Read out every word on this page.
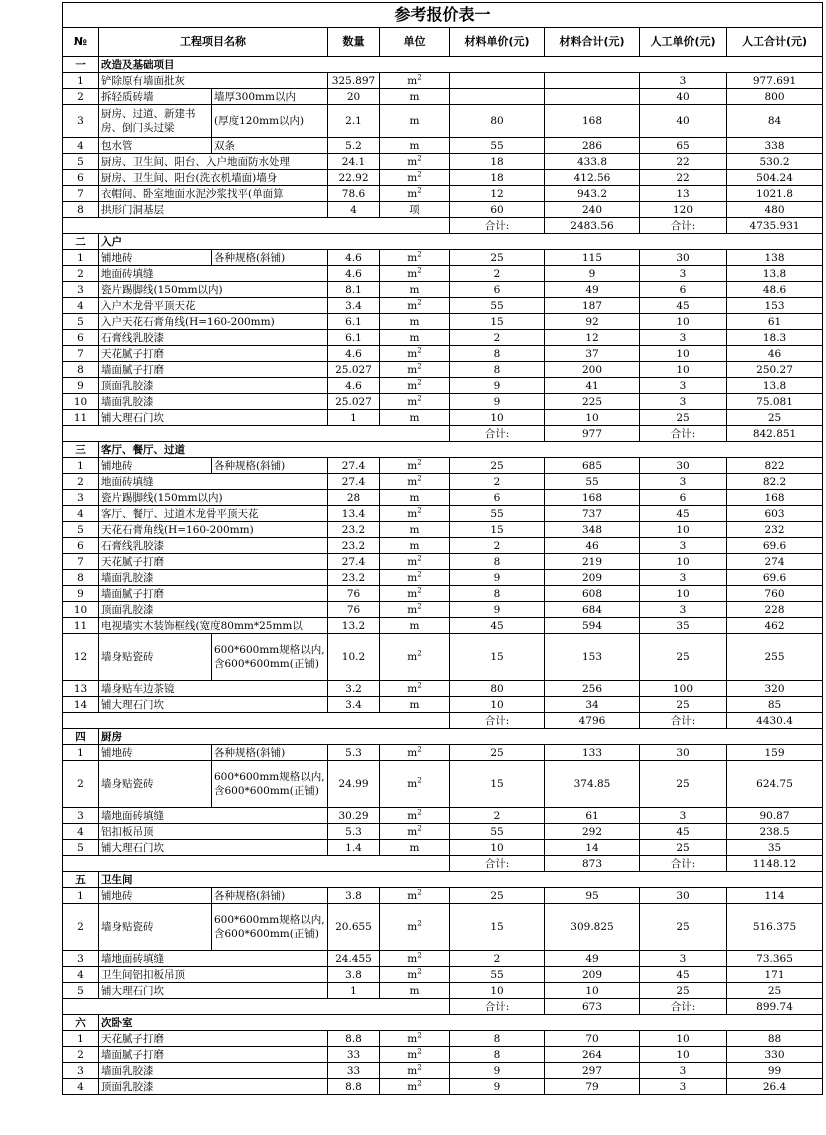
参考报价表一								
№	工程项目名称		数量	单位	材料单价(元)	材料合计(元)	人工单价(元)	人工合计(元)
一	改造及基础项目							
1	铲除原有墙面批灰		325.897	$m^2$			3	977.691
2	拆轻质砖墙	墙厚300mm以内	20	m			40	800
3	厨房、过道、新建书房、倒门头过梁	(厚度120mm以内)	2.1	m	80	168	40	84
4	包水管	双条	5.2	m	55	286	65	338
5	厨房、卫生间、阳台、入户地面防水处理		24.1	$m^2$	18	433.8	22	530.2
6	厨房、卫生间、阳台(洗衣机墙面)墙身		22.92	$m^2$	18	412.56	22	504.24
7	衣帽间、卧室地面水泥沙浆找平(单面算		78.6	$m^2$	12	943.2	13	1021.8
8	拱形门洞基层		4	项	60	240	120	480
					合计:	2483.56	合计:	4735.931
二	入户							
1	铺地砖	各种规格(斜铺)	4.6	$m^2$	25	115	30	138
2	地面砖填缝		4.6	$m^2$	2	9	3	13.8
3	瓷片踢脚线(150mm以内)		8.1	m	6	49	6	48.6
4	入户木龙骨平顶天花		3.4	$m^2$	55	187	45	153
5	入户天花石膏角线(H=160-200mm)		6.1	m	15	92	10	61
6	石膏线乳胶漆		6.1	m	2	12	3	18.3
7	天花腻子打磨		4.6	$m^2$	8	37	10	46
8	墙面腻子打磨		25.027	$m^2$	8	200	10	250.27
9	顶面乳胶漆		4.6	$m^2$	9	41	3	13.8
10	墙面乳胶漆		25.027	$m^2$	9	225	3	75.081
11	铺大理石门坎		1	m	10	10	25	25
					合计:	977	合计:	842.851
三	客厅、餐厅、过道							
1	铺地砖	各种规格(斜铺)	27.4	$m^2$	25	685	30	822
2	地面砖填缝		27.4	$m^2$	2	55	3	82.2
3	瓷片踢脚线(150mm以内)		28	m	6	168	6	168
4	客厅、餐厅、过道木龙骨平顶天花		13.4	$m^2$	55	737	45	603
5	天花石膏角线(H=160-200mm)		23.2	m	15	348	10	232
6	石膏线乳胶漆		23.2	m	2	46	3	69.6
7	天花腻子打磨		27.4	$m^2$	8	219	10	274
8	墙面乳胶漆		23.2	$m^2$	9	209	3	69.6
9	墙面腻子打磨		76	$m^2$	8	608	10	760
10	顶面乳胶漆		76	$m^2$	9	684	3	228
11	电视墙实木装饰框线(宽度80mm*25mm以		13.2	m	45	594	35	462
12	墙身贴瓷砖	600*600mm规格以内,含600*600mm(正铺)	10.2	$m^2$	15	153	25	255
13	墙身贴车边茶镜		3.2	$m^2$	80	256	100	320
14	铺大理石门坎		3.4	m	10	34	25	85
					合计:	4796	合计:	4430.4
四	厨房							
1	铺地砖	各种规格(斜铺)	5.3	$m^2$	25	133	30	159
2	墙身贴瓷砖	600*600mm规格以内,含600*600mm(正铺)	24.99	$m^2$	15	374.85	25	624.75
3	墙地面砖填缝		30.29	$m^2$	2	61	3	90.87
4	铝扣板吊顶		5.3	$m^2$	55	292	45	238.5
5	铺大理石门坎		1.4	m	10	14	25	35
					合计:	873	合计:	1148.12
五	卫生间							
1	铺地砖	各种规格(斜铺)	3.8	$m^2$	25	95	30	114
2	墙身贴瓷砖	600*600mm规格以内,含600*600mm(正铺)	20.655	$m^2$	15	309.825	25	516.375
3	墙地面砖填缝		24.455	$m^2$	2	49	3	73.365
4	卫生间铝扣板吊顶		3.8	$m^2$	55	209	45	171
5	铺大理石门坎		1	m	10	10	25	25
					合计:	673	合计:	899.74
六	次卧室							
1	天花腻子打磨		8.8	$m^2$	8	70	10	88
2	墙面腻子打磨		33	$m^2$	8	264	10	330
3	墙面乳胶漆		33	$m^2$	9	297	3	99
4	顶面乳胶漆		8.8	$m^2$	9	79	3	26.4
